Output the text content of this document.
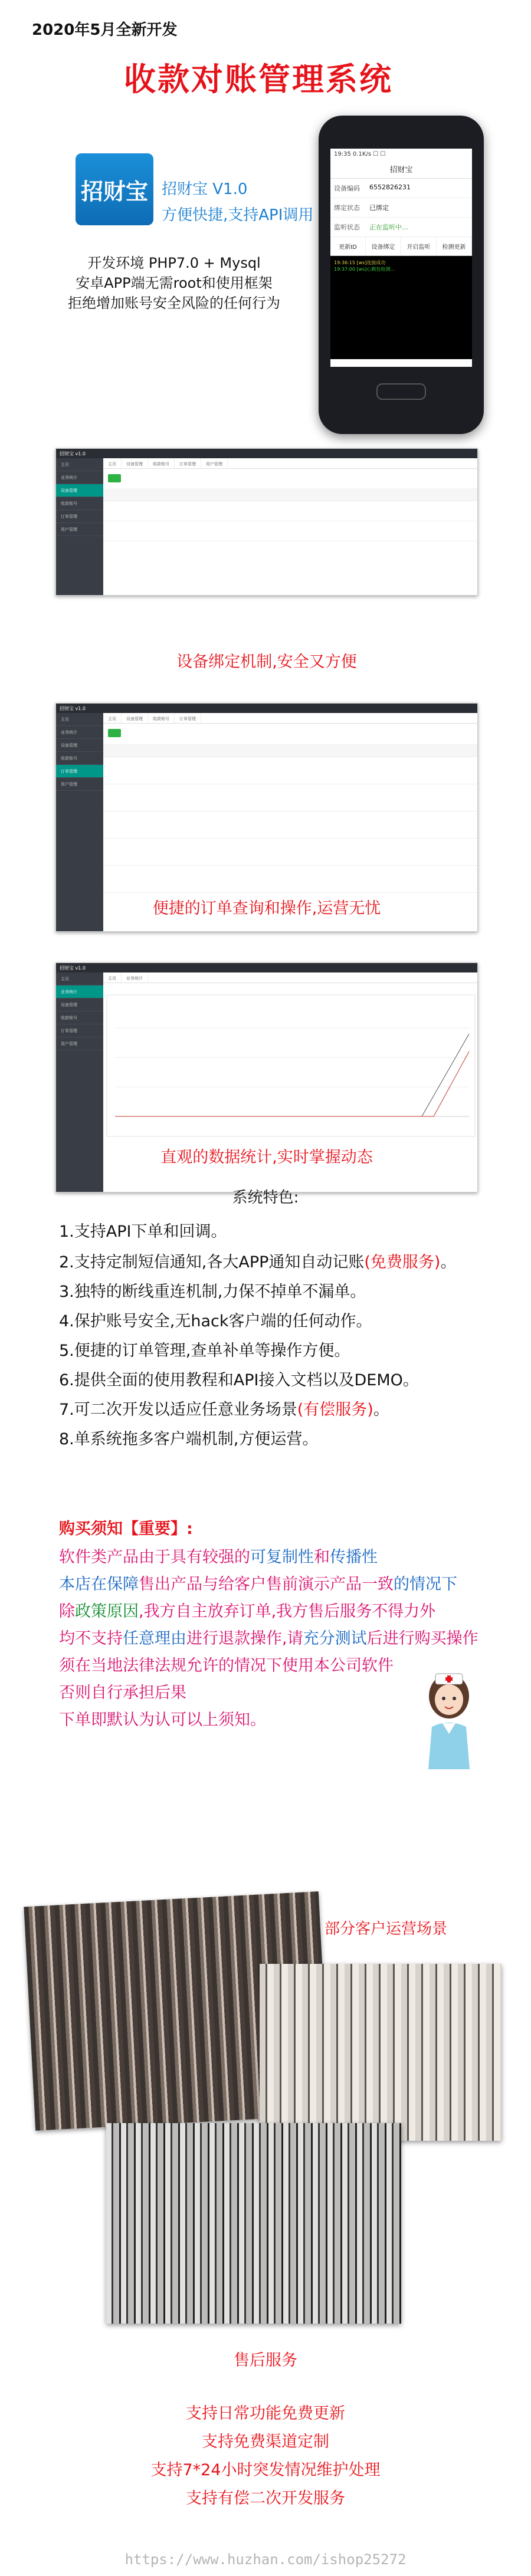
2020年5月全新开发
收款对账管理系统
招财宝 招财宝 V1.0
方便快捷,支持API调用
开发环境 PHP7.0 + Mysql
安卓APP端无需root和使用框架
拒绝增加账号安全风险的任何行为
19:35 0.1K/s ☐ ☐
招财宝
设备编码	6552826231
绑定状态	已绑定
监听状态	正在监听中...
更新ID	设备绑定	开启监听	检测更新
19:36:15 [ws]连接成功
19:37:00 [ws]心跳包检测...
招财宝 v1.0
主页
业务统计
设备管理
收款账号
订单管理
用户管理
主页	设备管理	收款账号	订单管理	用户管理
设备绑定机制,安全又方便
招财宝 v1.0
主页
业务统计
设备管理
收款账号
订单管理
用户管理
主页	设备管理	收款账号	订单管理
便捷的订单查询和操作,运营无忧
招财宝 v1.0
主页
业务统计
设备管理
收款账号
订单管理
用户管理
主页	业务统计
直观的数据统计,实时掌握动态
系统特色:
1.支持API下单和回调。
2.支持定制短信通知,各大APP通知自动记账(免费服务)。
3.独特的断线重连机制,力保不掉单不漏单。
4.保护账号安全,无hack客户端的任何动作。
5.便捷的订单管理,查单补单等操作方便。
6.提供全面的使用教程和API接入文档以及DEMO。
7.可二次开发以适应任意业务场景(有偿服务)。
8.单系统拖多客户端机制,方便运营。
购买须知【重要】:
软件类产品由于具有较强的可复制性和传播性
本店在保障售出产品与给客户售前演示产品一致的情况下
除政策原因,我方自主放弃订单,我方售后服务不得力外
均不支持任意理由进行退款操作,请充分测试后进行购买操作
须在当地法律法规允许的情况下使用本公司软件
否则自行承担后果
下单即默认为认可以上须知。
部分客户运营场景
售后服务
支持日常功能免费更新
支持免费渠道定制
支持7*24小时突发情况维护处理
支持有偿二次开发服务
https://www.huzhan.com/ishop25272
